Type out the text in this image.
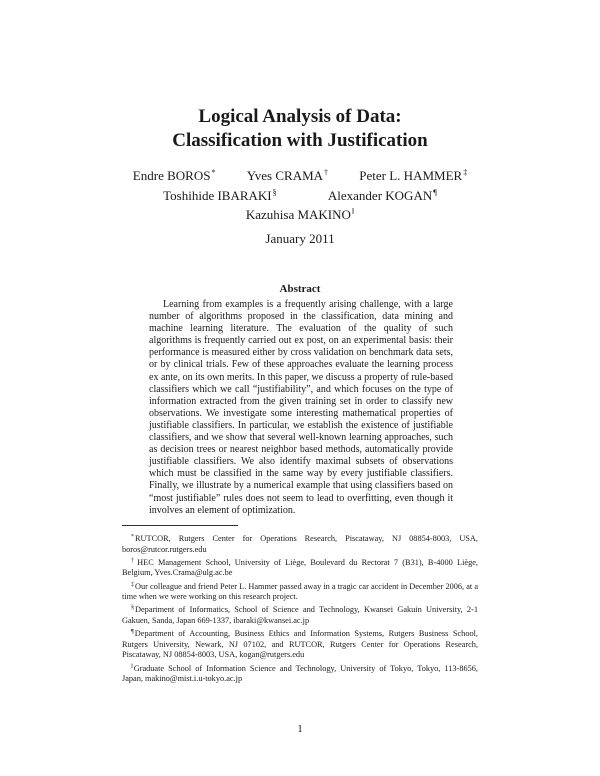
Logical Analysis of Data:
Classification with Justification
Endre BOROS* Yves CRAMA† Peter L. HAMMER‡
Toshihide IBARAKI§	Alexander KOGAN¶
Kazuhisa MAKINO‖
January 2011
Abstract

Learning from examples is a frequently arising challenge, with a large number of algorithms proposed in the classification, data mining and machine learning literature. The evaluation of the quality of such algorithms is frequently carried out ex post, on an experimental basis: their performance is measured either by cross validation on benchmark data sets, or by clinical trials. Few of these approaches evaluate the learning process ex ante, on its own merits. In this paper, we discuss a property of rule-based classifiers which we call “justifiability”, and which focuses on the type of information extracted from the given training set in order to classify new observations. We investigate some interesting mathematical properties of justifiable classifiers. In particular, we establish the existence of justifiable classifiers, and we show that several well-known learning approaches, such as decision trees or nearest neighbor based methods, automatically provide justifiable classifiers. We also identify maximal subsets of observations which must be classified in the same way by every justifiable classifiers. Finally, we illustrate by a numerical example that using classifiers based on “most justifiable” rules does not seem to lead to overfitting, even though it involves an element of optimization.

*RUTCOR, Rutgers Center for Operations Research, Piscataway, NJ 08854-8003, USA, boros@rutcor.rutgers.edu

†HEC Management School, University of Liège, Boulevard du Rectorat 7 (B31), B-4000 Liège, Belgium, Yves.Crama@ulg.ac.be

‡Our colleague and friend Peter L. Hammer passed away in a tragic car accident in December 2006, at a time when we were working on this research project.

§Department of Informatics, School of Science and Technology, Kwansei Gakuin University, 2-1 Gakuen, Sanda, Japan 669-1337, ibaraki@kwansei.ac.jp

¶Department of Accounting, Business Ethics and Information Systems, Rutgers Business School, Rutgers University, Newark, NJ 07102, and RUTCOR, Rutgers Center for Operations Research, Piscataway, NJ 08854-8003, USA, kogan@rutgers.edu

‖Graduate School of Information Science and Technology, University of Tokyo, Tokyo, 113-8656, Japan, makino@mist.i.u-tokyo.ac.jp

1
